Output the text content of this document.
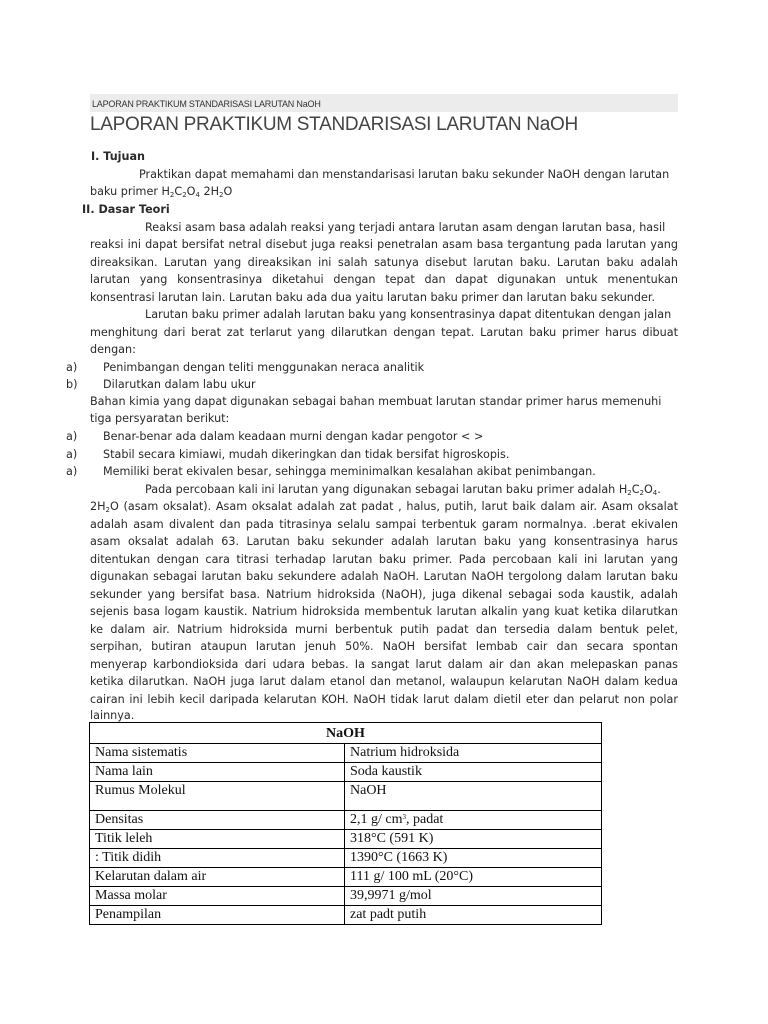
LAPORAN PRAKTIKUM STANDARISASI LARUTAN NaOH
LAPORAN PRAKTIKUM STANDARISASI LARUTAN NaOH
I. Tujuan
Praktikan dapat memahami dan menstandarisasi larutan baku sekunder NaOH dengan larutan
baku primer $H_2C_2O_4$ $2H_2O$
II. Dasar Teori
Reaksi asam basa adalah reaksi yang terjadi antara larutan asam dengan larutan basa, hasil
reaksi ini dapat bersifat netral disebut juga reaksi penetralan asam basa tergantung pada larutan yang
direaksikan. Larutan yang direaksikan ini salah satunya disebut larutan baku. Larutan baku adalah
larutan yang konsentrasinya diketahui dengan tepat dan dapat digunakan untuk menentukan
konsentrasi larutan lain. Larutan baku ada dua yaitu larutan baku primer dan larutan baku sekunder.
Larutan baku primer adalah larutan baku yang konsentrasinya dapat ditentukan dengan jalan
menghitung dari berat zat terlarut yang dilarutkan dengan tepat. Larutan baku primer harus dibuat
dengan:
a) Penimbangan dengan teliti menggunakan neraca analitik
b) Dilarutkan dalam labu ukur
Bahan kimia yang dapat digunakan sebagai bahan membuat larutan standar primer harus memenuhi
tiga persyaratan berikut:
a) Benar-benar ada dalam keadaan murni dengan kadar pengotor < >
a) Stabil secara kimiawi, mudah dikeringkan dan tidak bersifat higroskopis.
a) Memiliki berat ekivalen besar, sehingga meminimalkan kesalahan akibat penimbangan.
Pada percobaan kali ini larutan yang digunakan sebagai larutan baku primer adalah $H_2C_2O_4$.
$2H_2O$ (asam oksalat). Asam oksalat adalah zat padat , halus, putih, larut baik dalam air. Asam oksalat
adalah asam divalent dan pada titrasinya selalu sampai terbentuk garam normalnya. .berat ekivalen
asam oksalat adalah 63. Larutan baku sekunder adalah larutan baku yang konsentrasinya harus
ditentukan dengan cara titrasi terhadap larutan baku primer. Pada percobaan kali ini larutan yang
digunakan sebagai larutan baku sekundere adalah NaOH. Larutan NaOH tergolong dalam larutan baku
sekunder yang bersifat basa. Natrium hidroksida (NaOH), juga dikenal sebagai soda kaustik, adalah
sejenis basa logam kaustik. Natrium hidroksida membentuk larutan alkalin yang kuat ketika dilarutkan
ke dalam air. Natrium hidroksida murni berbentuk putih padat dan tersedia dalam bentuk pelet,
serpihan, butiran ataupun larutan jenuh 50%. NaOH bersifat lembab cair dan secara spontan
menyerap karbondioksida dari udara bebas. Ia sangat larut dalam air dan akan melepaskan panas
ketika dilarutkan. NaOH juga larut dalam etanol dan metanol, walaupun kelarutan NaOH dalam kedua
cairan ini lebih kecil daripada kelarutan KOH. NaOH tidak larut dalam dietil eter dan pelarut non polar
lainnya.
NaOH	
Nama sistematis	Natrium hidroksida
Nama lain	Soda kaustik
Rumus Molekul	NaOH
Densitas	2,1 g/ $cm^3$, padat
Titik leleh	318°C (591 K)
: Titik didih	1390°C (1663 K)
Kelarutan dalam air	111 g/ 100 mL (20°C)
Massa molar	39,9971 g/mol
Penampilan	zat padt putih
